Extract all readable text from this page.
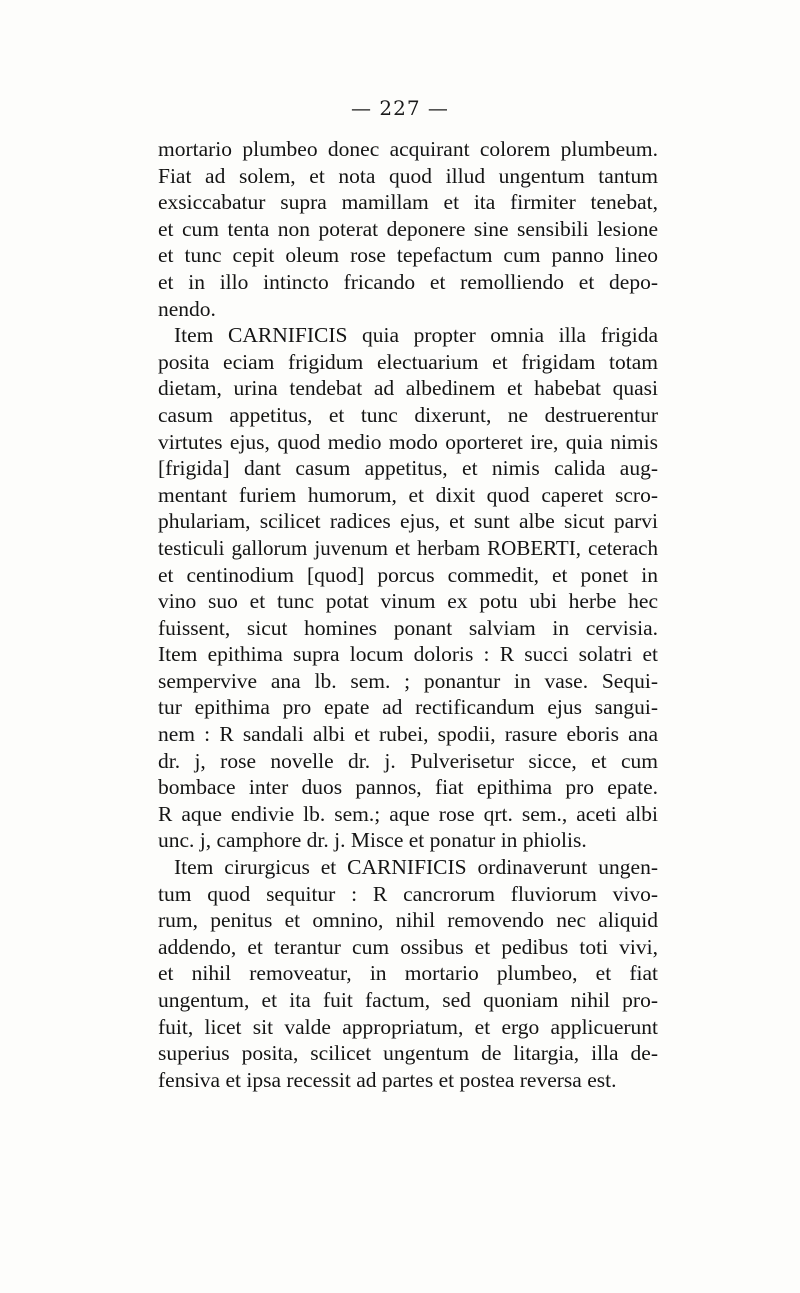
— 227 —
mortario plumbeo donec acquirant colorem plumbeum.
Fiat ad solem, et nota quod illud ungentum tantum
exsiccabatur supra mamillam et ita firmiter tenebat,
et cum tenta non poterat deponere sine sensibili lesione
et tunc cepit oleum rose tepefactum cum panno lineo
et in illo intincto fricando et remolliendo et depo-
nendo.
Item CARNIFICIS quia propter omnia illa frigida
posita eciam frigidum electuarium et frigidam totam
dietam, urina tendebat ad albedinem et habebat quasi
casum appetitus, et tunc dixerunt, ne destruerentur
virtutes ejus, quod medio modo oporteret ire, quia nimis
[frigida] dant casum appetitus, et nimis calida aug-
mentant furiem humorum, et dixit quod caperet scro-
phulariam, scilicet radices ejus, et sunt albe sicut parvi
testiculi gallorum juvenum et herbam ROBERTI, ceterach
et centinodium [quod] porcus commedit, et ponet in
vino suo et tunc potat vinum ex potu ubi herbe hec
fuissent, sicut homines ponant salviam in cervisia.
Item epithima supra locum doloris : R succi solatri et
sempervive ana lb. sem. ; ponantur in vase. Sequi-
tur epithima pro epate ad rectificandum ejus sangui-
nem : R sandali albi et rubei, spodii, rasure eboris ana
dr. j, rose novelle dr. j. Pulverisetur sicce, et cum
bombace inter duos pannos, fiat epithima pro epate.
R aque endivie lb. sem.; aque rose qrt. sem., aceti albi
unc. j, camphore dr. j. Misce et ponatur in phiolis.
Item cirurgicus et CARNIFICIS ordinaverunt ungen-
tum quod sequitur : R cancrorum fluviorum vivo-
rum, penitus et omnino, nihil removendo nec aliquid
addendo, et terantur cum ossibus et pedibus toti vivi,
et nihil removeatur, in mortario plumbeo, et fiat
ungentum, et ita fuit factum, sed quoniam nihil pro-
fuit, licet sit valde appropriatum, et ergo applicuerunt
superius posita, scilicet ungentum de litargia, illa de-
fensiva et ipsa recessit ad partes et postea reversa est.
